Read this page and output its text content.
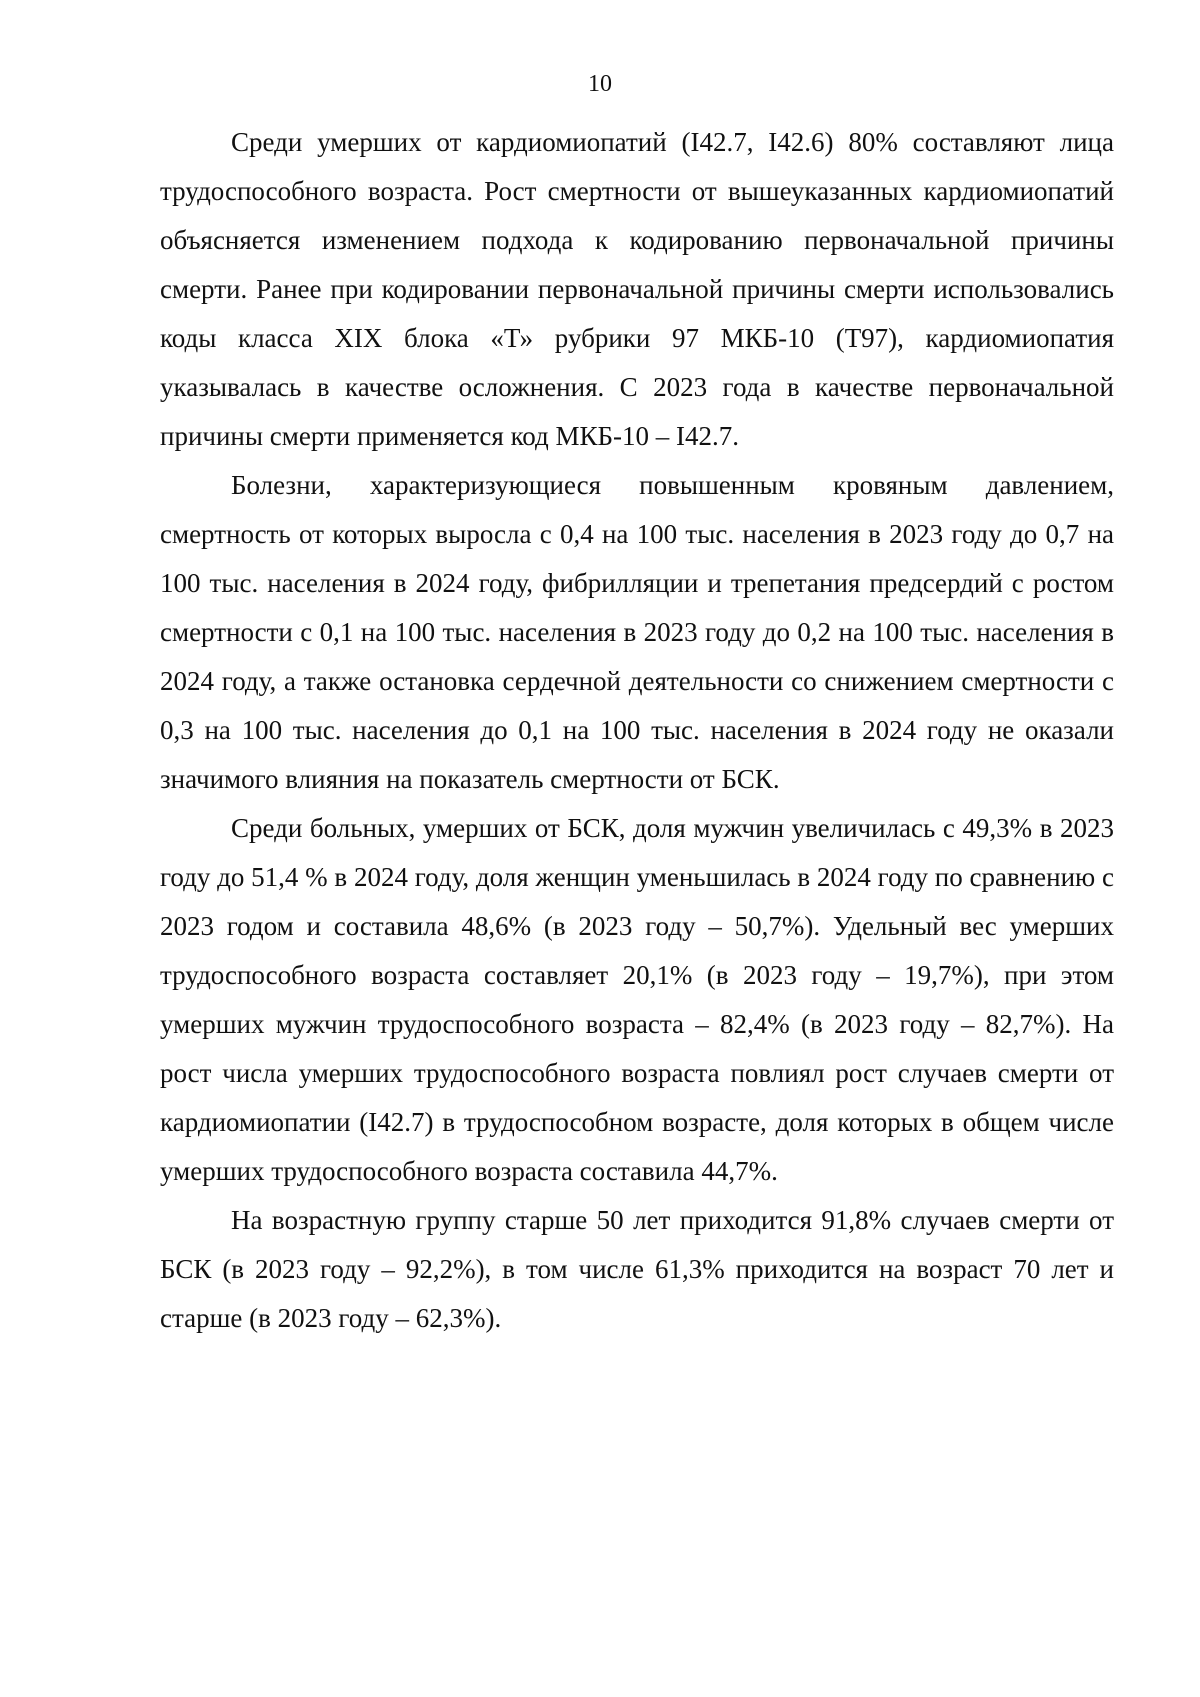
10

Среди умерших от кардиомиопатий (I42.7, I42.6) 80% составляют лица трудоспособного возраста. Рост смертности от вышеуказанных кардиомиопатий объясняется изменением подхода к кодированию первоначальной причины смерти. Ранее при кодировании первоначальной причины смерти использовались коды класса XIX блока «Т» рубрики 97 МКБ-10 (T97), кардиомиопатия указывалась в качестве осложнения. С 2023 года в качестве первоначальной причины смерти применяется код МКБ-10 – I42.7.

Болезни, характеризующиеся повышенным кровяным давлением, смертность от которых выросла с 0,4 на 100 тыс. населения в 2023 году до 0,7 на 100 тыс. населения в 2024 году, фибрилляции и трепетания предсердий с ростом смертности с 0,1 на 100 тыс. населения в 2023 году до 0,2 на 100 тыс. населения в 2024 году, а также остановка сердечной деятельности со снижением смертности с 0,3 на 100 тыс. населения до 0,1 на 100 тыс. населения в 2024 году не оказали значимого влияния на показатель смертности от БСК.

Среди больных, умерших от БСК, доля мужчин увеличилась с 49,3% в 2023 году до 51,4 % в 2024 году, доля женщин уменьшилась в 2024 году по сравнению с 2023 годом и составила 48,6% (в 2023 году – 50,7%). Удельный вес умерших трудоспособного возраста составляет 20,1% (в 2023 году – 19,7%), при этом умерших мужчин трудоспособного возраста – 82,4% (в 2023 году – 82,7%). На рост числа умерших трудоспособного возраста повлиял рост случаев смерти от кардиомиопатии (I42.7) в трудоспособном возрасте, доля которых в общем числе умерших трудоспособного возраста составила 44,7%.

На возрастную группу старше 50 лет приходится 91,8% случаев смерти от БСК (в 2023 году – 92,2%), в том числе 61,3% приходится на возраст 70 лет и старше (в 2023 году – 62,3%).
